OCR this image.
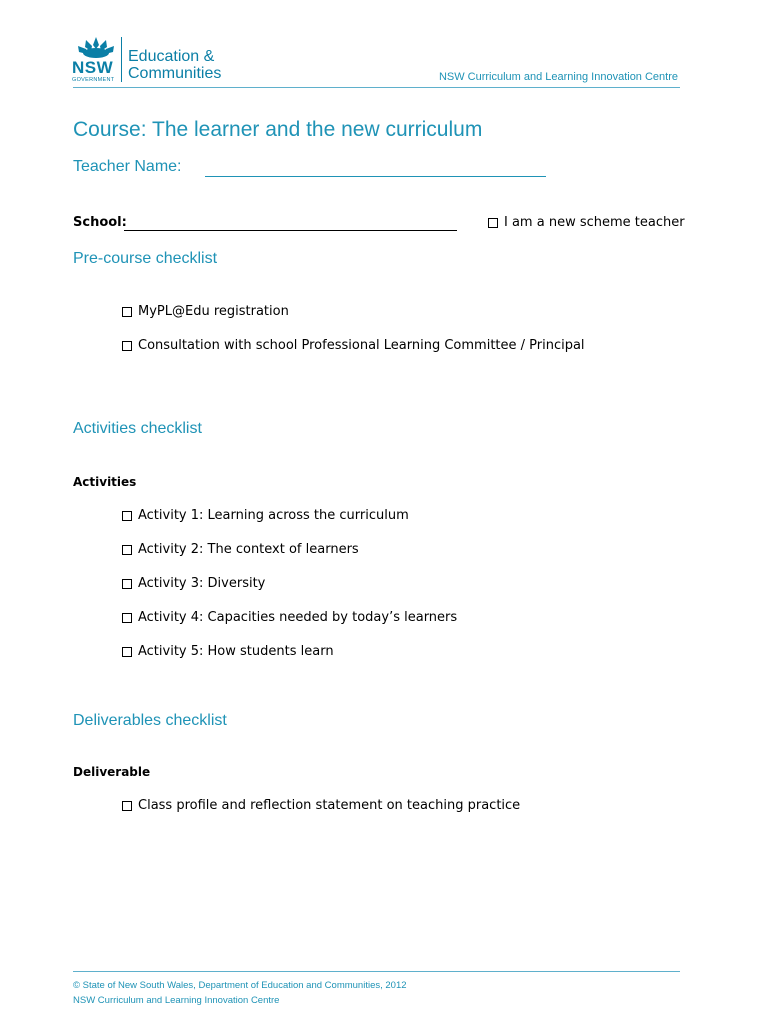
NSW
GOVERNMENT
Education &
Communities	NSW Curriculum and Learning Innovation Centre
Course: The learner and the new curriculum
Teacher Name:
School:	I am a new scheme teacher
Pre-course checklist
MyPL@Edu registration
Consultation with school Professional Learning Committee / Principal
Activities checklist
Activities
Activity 1: Learning across the curriculum
Activity 2: The context of learners
Activity 3: Diversity
Activity 4: Capacities needed by today’s learners
Activity 5: How students learn
Deliverables checklist
Deliverable
Class profile and reflection statement on teaching practice
© State of New South Wales, Department of Education and Communities, 2012
NSW Curriculum and Learning Innovation Centre
